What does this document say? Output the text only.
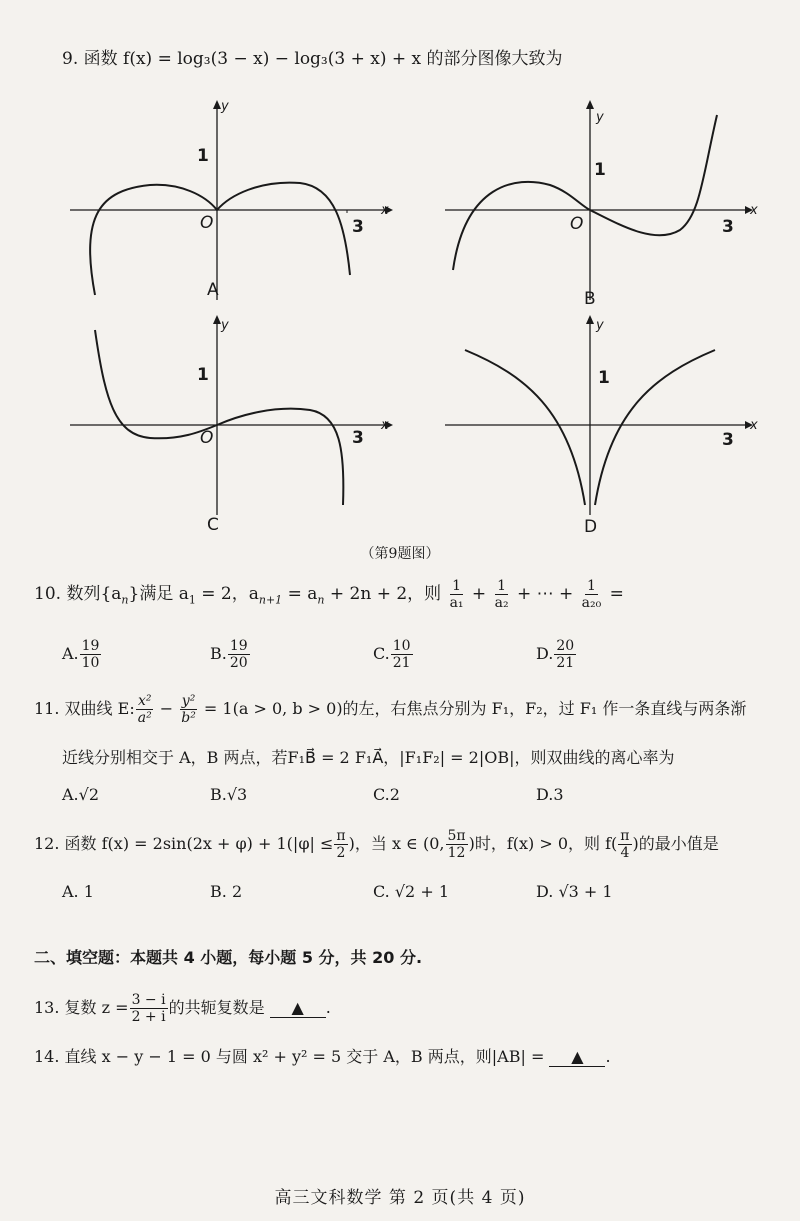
9. 函数 f(x) = log₃(3 − x) − log₃(3 + x) + x 的部分图像大致为
y
1
O	3
x
A
y
1
O	3
x
B
y
1
O	3
x
C
y
1
3
x
D
（第9题图）
10. 数列$\{a_n\}$满足 $a_1 = 2$，$a_{n+1} = a_n + 2n + 2$，则 $\frac{1}{\text{a₁}} + \frac{1}{\text{a₂}}$ + ⋯ + $\frac{1}{\text{a₂₀}}$ =
A. $\frac{19}{10}$	B. $\frac{19}{20}$	C. $\frac{10}{21}$	D. $\frac{20}{21}$
11. 双曲线 E: $\frac{\text{x²}}{\text{a²}} - \frac{\text{y²}}{\text{b²}} = 1(a > 0$, b > 0)的左，右焦点分别为 F₁，F₂，过 F₁ 作一条直线与两条渐
近线分别相交于 A，B 两点，若F₁B⃗ = 2 F₁A⃗，|F₁F₂| = 2|OB|，则双曲线的离心率为
A.√2	B.√3	C.2	D.3
12. 函数 $f(x) = 2\sin(2x + \varphi) + 1(|\varphi| \le \frac{\pi}{2}$ )，当 x ∈ (0, $\frac{5\pi}{12}$ )时，f(x) > 0，则 $f( \frac{\pi}{4}$ )的最小值是
A. 1	B. 2	C. √2 + 1	D. √3 + 1
二、填空题：本题共 4 小题，每小题 5 分，共 20 分.
13. 复数 $z = \frac{3 - i}{2 + i}$ 的共轭复数是 ▲ .
14. 直线 x − y − 1 = 0 与圆 x² + y² = 5 交于 A，B 两点，则|AB| = ▲ .
高三文科数学 第 2 页(共 4 页)
